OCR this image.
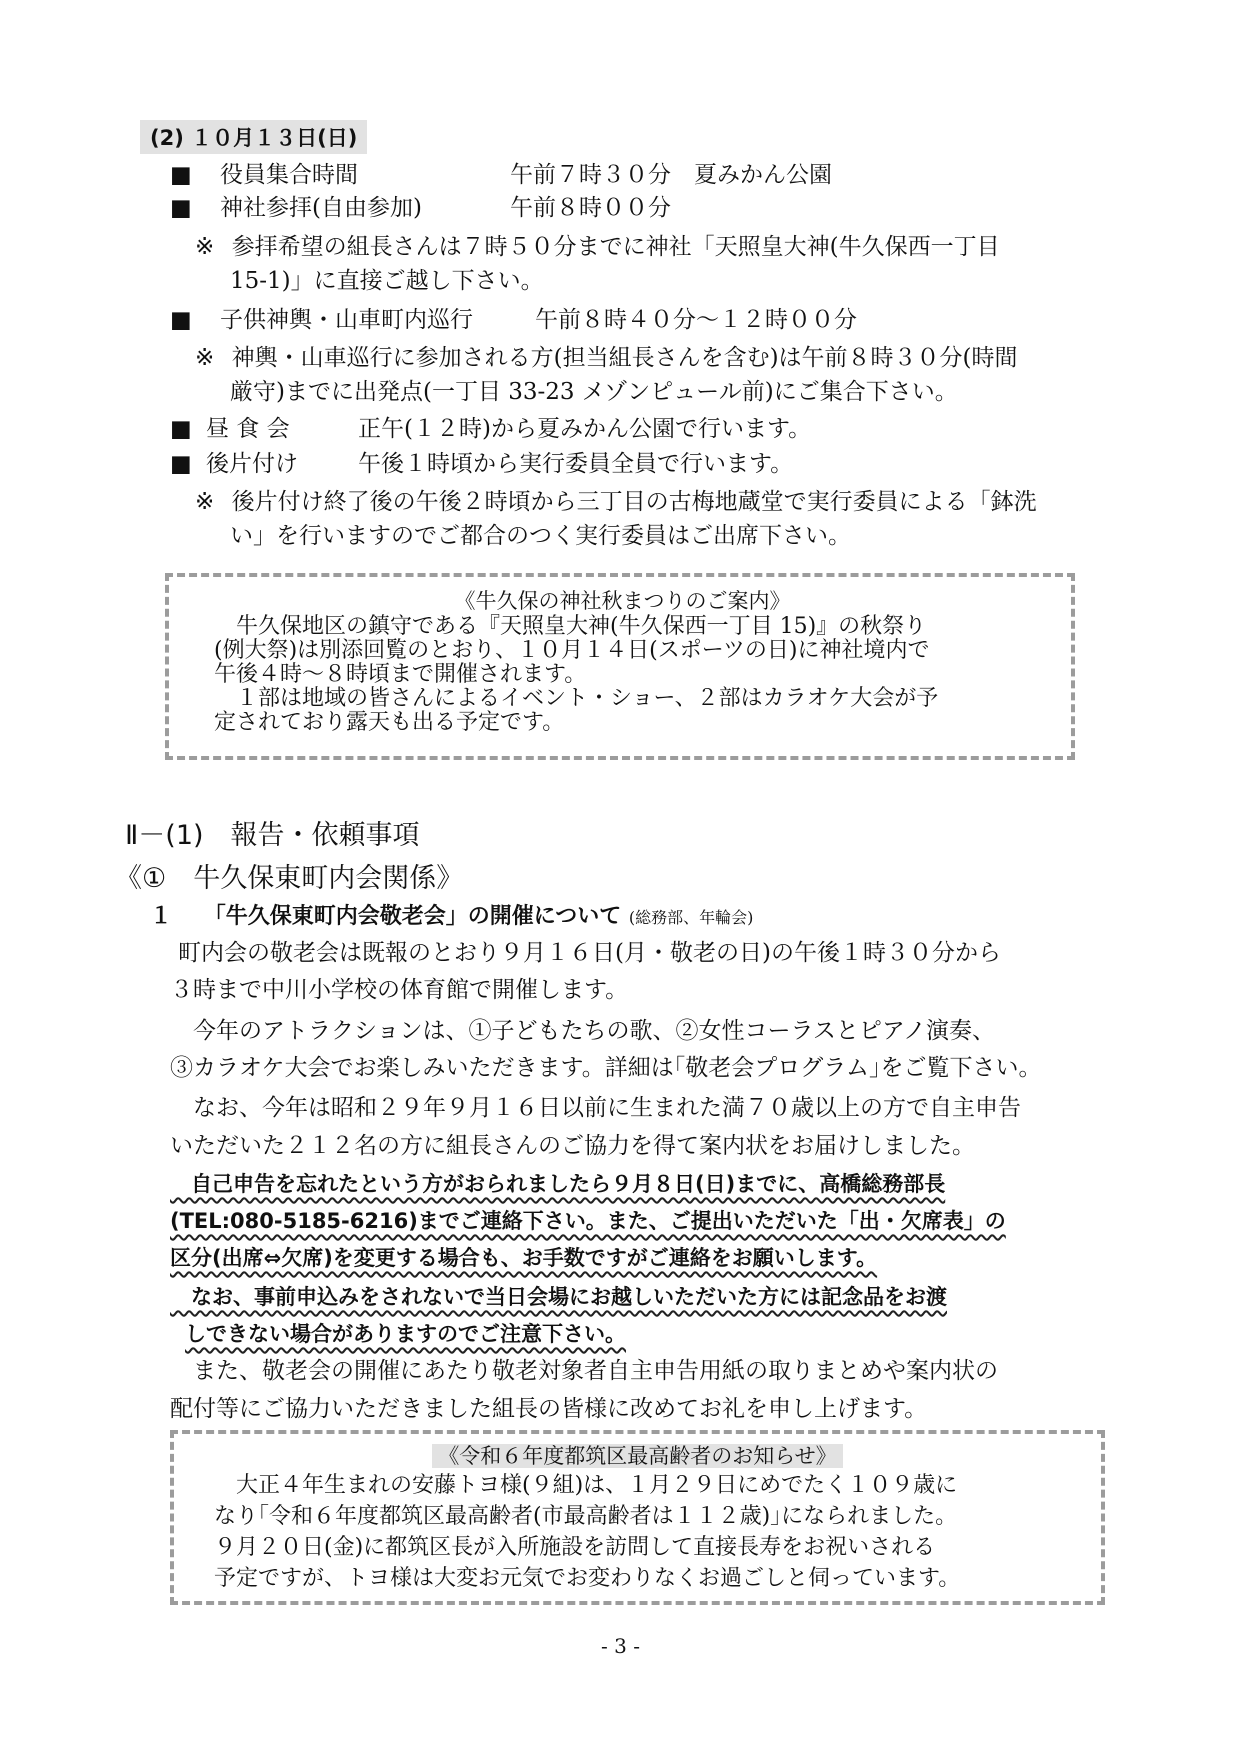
(2) １０月１３日(日)
■ 役員集合時間	午前７時３０分　夏みかん公園
■ 神社参拝(自由参加)	午前８時００分
※ 参拝希望の組長さんは７時５０分までに神社「天照皇大神(牛久保西一丁目
15-1)」に直接ご越し下さい。
■ 子供神輿・山車町内巡行	午前８時４０分～１２時００分
※ 神輿・山車巡行に参加される方(担当組長さんを含む)は午前８時３０分(時間
厳守)までに出発点(一丁目 33-23 メゾンピュール前)にご集合下さい。
■ 昼 食 会	正午(１２時)から夏みかん公園で行います。
■ 後片付け	午後１時頃から実行委員全員で行います。
※ 後片付け終了後の午後２時頃から三丁目の古梅地蔵堂で実行委員による「鉢洗
い」を行いますのでご都合のつく実行委員はご出席下さい。
《牛久保の神社秋まつりのご案内》
　牛久保地区の鎮守である『天照皇大神(牛久保西一丁目 15)』の秋祭り
(例大祭)は別添回覧のとおり、１０月１４日(スポーツの日)に神社境内で
午後４時～８時頃まで開催されます。
　１部は地域の皆さんによるイベント・ショー、２部はカラオケ大会が予
定されており露天も出る予定です。
Ⅱ－(1)　報告・依頼事項
《①　牛久保東町内会関係》
１ 「牛久保東町内会敬老会」の開催について (総務部、年輪会)
　町内会の敬老会は既報のとおり９月１６日(月・敬老の日)の午後１時３０分から
３時まで中川小学校の体育館で開催します。
　今年のアトラクションは、①子どもたちの歌、②女性コーラスとピアノ演奏、
③カラオケ大会でお楽しみいただきます。詳細は｢敬老会プログラム｣をご覧下さい。
　なお、今年は昭和２９年９月１６日以前に生まれた満７０歳以上の方で自主申告
いただいた２１２名の方に組長さんのご協力を得て案内状をお届けしました。
　自己申告を忘れたという方がおられましたら９月８日(日)までに、高橋総務部長
(TEL:080-5185-6216)までご連絡下さい。また、ご提出いただいた「出・欠席表」の
区分(出席⇔欠席)を変更する場合も、お手数ですがご連絡をお願いします。
　なお、事前申込みをされないで当日会場にお越しいただいた方には記念品をお渡
しできない場合がありますのでご注意下さい。
　また、敬老会の開催にあたり敬老対象者自主申告用紙の取りまとめや案内状の
配付等にご協力いただきました組長の皆様に改めてお礼を申し上げます。
《令和６年度都筑区最高齢者のお知らせ》
　大正４年生まれの安藤トヨ様(９組)は、１月２９日にめでたく１０９歳に
なり｢令和６年度都筑区最高齢者(市最高齢者は１１２歳)｣になられました。
９月２０日(金)に都筑区長が入所施設を訪問して直接長寿をお祝いされる
予定ですが、トヨ様は大変お元気でお変わりなくお過ごしと伺っています。
- 3 -
